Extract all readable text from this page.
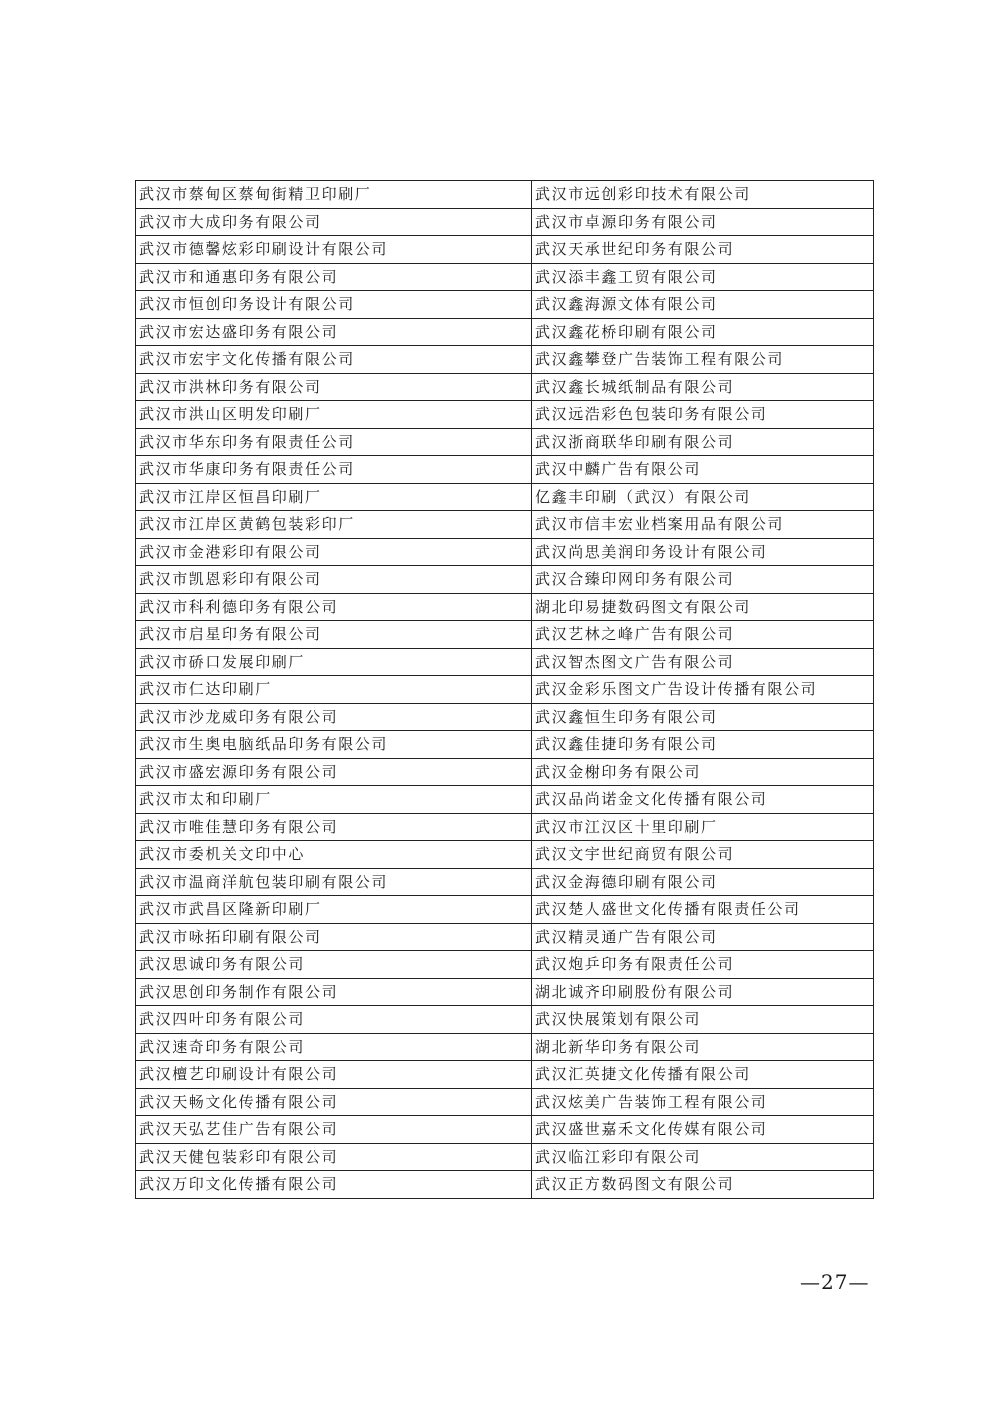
武汉市蔡甸区蔡甸街精卫印刷厂	武汉市远创彩印技术有限公司
武汉市大成印务有限公司	武汉市卓源印务有限公司
武汉市德馨炫彩印刷设计有限公司	武汉天承世纪印务有限公司
武汉市和通惠印务有限公司	武汉添丰鑫工贸有限公司
武汉市恒创印务设计有限公司	武汉鑫海源文体有限公司
武汉市宏达盛印务有限公司	武汉鑫花桥印刷有限公司
武汉市宏宇文化传播有限公司	武汉鑫攀登广告装饰工程有限公司
武汉市洪林印务有限公司	武汉鑫长城纸制品有限公司
武汉市洪山区明发印刷厂	武汉远浩彩色包装印务有限公司
武汉市华东印务有限责任公司	武汉浙商联华印刷有限公司
武汉市华康印务有限责任公司	武汉中麟广告有限公司
武汉市江岸区恒昌印刷厂	亿鑫丰印刷（武汉）有限公司
武汉市江岸区黄鹤包装彩印厂	武汉市信丰宏业档案用品有限公司
武汉市金港彩印有限公司	武汉尚思美润印务设计有限公司
武汉市凯恩彩印有限公司	武汉合臻印网印务有限公司
武汉市科利德印务有限公司	湖北印易捷数码图文有限公司
武汉市启星印务有限公司	武汉艺林之峰广告有限公司
武汉市硚口发展印刷厂	武汉智杰图文广告有限公司
武汉市仁达印刷厂	武汉金彩乐图文广告设计传播有限公司
武汉市沙龙威印务有限公司	武汉鑫恒生印务有限公司
武汉市生奥电脑纸品印务有限公司	武汉鑫佳捷印务有限公司
武汉市盛宏源印务有限公司	武汉金榭印务有限公司
武汉市太和印刷厂	武汉品尚诺金文化传播有限公司
武汉市唯佳慧印务有限公司	武汉市江汉区十里印刷厂
武汉市委机关文印中心	武汉文宇世纪商贸有限公司
武汉市温商洋航包装印刷有限公司	武汉金海德印刷有限公司
武汉市武昌区隆新印刷厂	武汉楚人盛世文化传播有限责任公司
武汉市咏拓印刷有限公司	武汉精灵通广告有限公司
武汉思诚印务有限公司	武汉炮乒印务有限责任公司
武汉思创印务制作有限公司	湖北诚齐印刷股份有限公司
武汉四叶印务有限公司	武汉快展策划有限公司
武汉速奇印务有限公司	湖北新华印务有限公司
武汉檀艺印刷设计有限公司	武汉汇英捷文化传播有限公司
武汉天畅文化传播有限公司	武汉炫美广告装饰工程有限公司
武汉天弘艺佳广告有限公司	武汉盛世嘉禾文化传媒有限公司
武汉天健包装彩印有限公司	武汉临江彩印有限公司
武汉万印文化传播有限公司	武汉正方数码图文有限公司
—27—
